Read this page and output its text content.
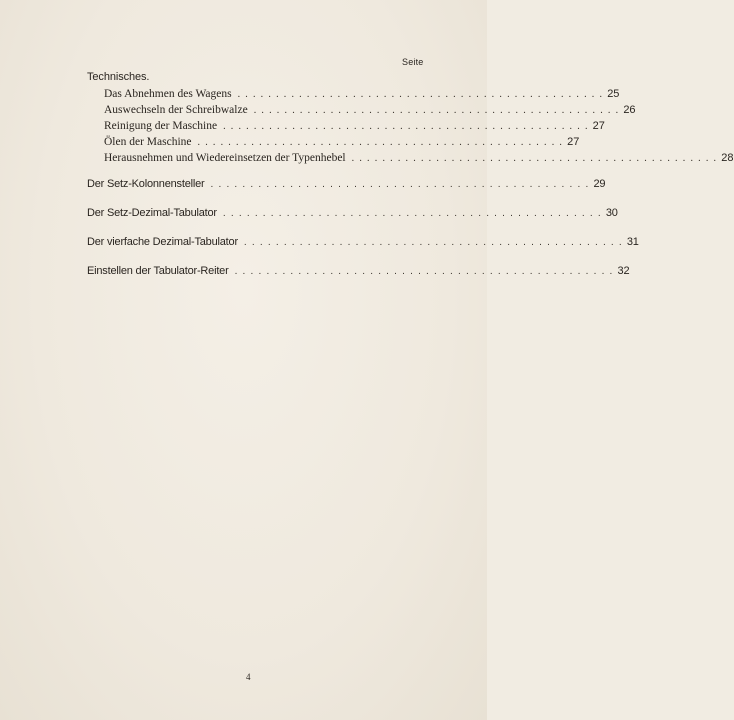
Seite
Technisches.
Das Abnehmen des Wagens ................................................ 25
Auswechseln der Schreibwalze ................................................ 26
Reinigung der Maschine ................................................ 27
Ölen der Maschine ................................................ 27
Herausnehmen und Wiedereinsetzen der Typenhebel ................................................ 28
Der Setz-Kolonnensteller ................................................ 29
Der Setz-Dezimal-Tabulator ................................................ 30
Der vierfache Dezimal-Tabulator ................................................ 31
Einstellen der Tabulator-Reiter ................................................ 32
4
